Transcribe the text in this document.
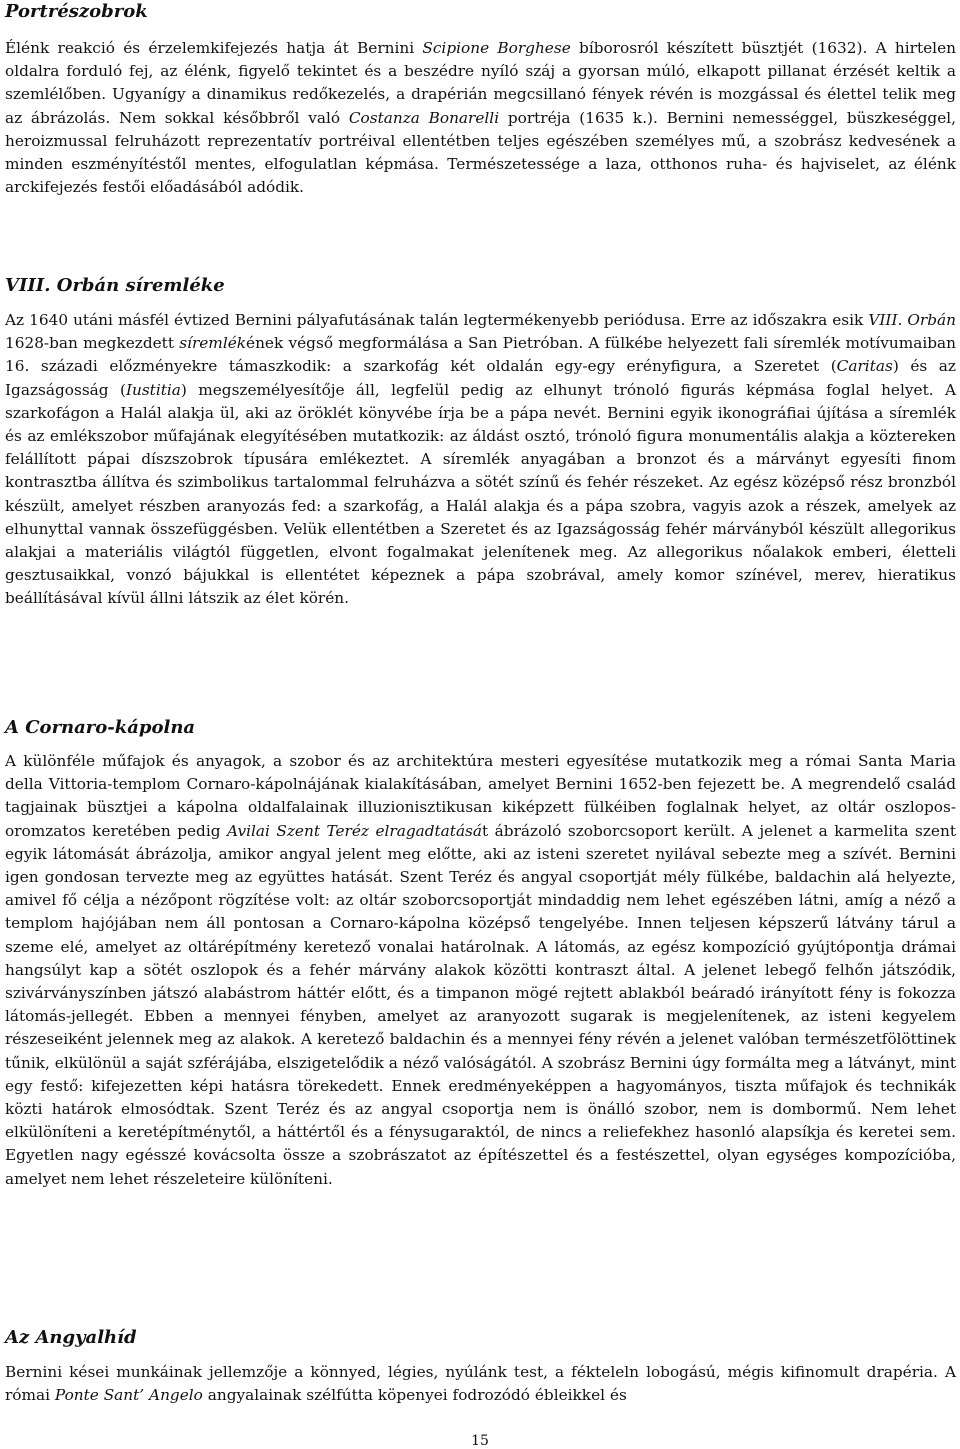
Portrészobrok

Élénk reakció és érzelemkifejezés hatja át Bernini Scipione Borghese bíborosról készített büsztjét (1632). A hirtelen oldalra forduló fej, az élénk, figyelő tekintet és a beszédre nyíló száj a gyorsan múló, elkapott pillanat érzését keltik a szemlélőben. Ugyanígy a dinamikus redőkezelés, a drapérián megcsillanó fények révén is mozgással és élettel telik meg az ábrázolás. Nem sokkal későbbről való Costanza Bonarelli portréja (1635 k.). Bernini nemességgel, büszkeséggel, heroizmussal felruházott reprezentatív portréival ellentétben teljes egészében személyes mű, a szobrász kedvesének a minden eszményítéstől mentes, elfogulatlan képmása. Természetessége a laza, otthonos ruha- és hajviselet, az élénk arckifejezés festői előadásából adódik.

VIII. Orbán síremléke

Az 1640 utáni másfél évtized Bernini pályafutásának talán legtermékenyebb periódusa. Erre az időszakra esik VIII. Orbán 1628-ban megkezdett síremlékének végső megformálása a San Pietróban. A fülkébe helyezett fali síremlék motívumaiban 16. századi előzményekre támaszkodik: a szarkofág két oldalán egy-egy erényfigura, a Szeretet (Caritas) és az Igazságosság (Iustitia) megszemélyesítője áll, legfelül pedig az elhunyt trónoló figurás képmása foglal helyet. A szarkofágon a Halál alakja ül, aki az öröklét könyvébe írja be a pápa nevét. Bernini egyik ikonográfiai újítása a síremlék és az emlékszobor műfajának elegyítésében mutatkozik: az áldást osztó, trónoló figura monumentális alakja a köztereken felállított pápai díszszobrok típusára emlékeztet. A síremlék anyagában a bronzot és a márványt egyesíti finom kontrasztba állítva és szimbolikus tartalommal felruházva a sötét színű és fehér részeket. Az egész középső rész bronzból készült, amelyet részben aranyozás fed: a szarkofág, a Halál alakja és a pápa szobra, vagyis azok a részek, amelyek az elhunyttal vannak összefüggésben. Velük ellentétben a Szeretet és az Igazságosság fehér márványból készült allegorikus alakjai a materiális világtól független, elvont fogalmakat jelenítenek meg. Az allegorikus nőalakok emberi, életteli gesztusaikkal, vonzó bájukkal is ellentétet képeznek a pápa szobrával, amely komor színével, merev, hieratikus beállításával kívül állni látszik az élet körén.

A Cornaro-kápolna

A különféle műfajok és anyagok, a szobor és az architektúra mesteri egyesítése mutatkozik meg a római Santa Maria della Vittoria-templom Cornaro-kápolnájának kialakításában, amelyet Bernini 1652-ben fejezett be. A megrendelő család tagjainak büsztjei a kápolna oldalfalainak illuzionisztikusan kiképzett fülkéiben foglalnak helyet, az oltár oszlopos-oromzatos keretében pedig Avilai Szent Teréz elragadtatását ábrázoló szoborcsoport került. A jelenet a karmelita szent egyik látomását ábrázolja, amikor angyal jelent meg előtte, aki az isteni szeretet nyilával sebezte meg a szívét. Bernini igen gondosan tervezte meg az együttes hatását. Szent Teréz és angyal csoportját mély fülkébe, baldachin alá helyezte, amivel fő célja a nézőpont rögzítése volt: az oltár szoborcsoportját mindaddig nem lehet egészében látni, amíg a néző a templom hajójában nem áll pontosan a Cornaro-kápolna középső tengelyébe. Innen teljesen képszerű látvány tárul a szeme elé, amelyet az oltárépítmény keretező vonalai határolnak. A látomás, az egész kompozíció gyújtópontja drámai hangsúlyt kap a sötét oszlopok és a fehér márvány alakok közötti kontraszt által. A jelenet lebegő felhőn játszódik, szivárványszínben játszó alabástrom háttér előtt, és a timpanon mögé rejtett ablakból beáradó irányított fény is fokozza látomás-jellegét. Ebben a mennyei fényben, amelyet az aranyozott sugarak is megjelenítenek, az isteni kegyelem részeseiként jelennek meg az alakok. A keretező baldachin és a mennyei fény révén a jelenet valóban természetfölöttinek tűnik, elkülönül a saját szférájába, elszigetelődik a néző valóságától. A szobrász Bernini úgy formálta meg a látványt, mint egy festő: kifejezetten képi hatásra törekedett. Ennek eredményeképpen a hagyományos, tiszta műfajok és technikák közti határok elmosódtak. Szent Teréz és az angyal csoportja nem is önálló szobor, nem is dombormű. Nem lehet elkülöníteni a keretépítménytől, a háttértől és a fénysugaraktól, de nincs a reliefekhez hasonló alapsíkja és keretei sem. Egyetlen nagy egésszé kovácsolta össze a szobrászatot az építészettel és a festészettel, olyan egységes kompozícióba, amelyet nem lehet részeleteire különíteni.

Az Angyalhíd

Bernini kései munkáinak jellemzője a könnyed, légies, nyúlánk test, a fékteleln lobogású, mégis kifinomult drapéria. A római Ponte Sant’ Angelo angyalainak szélfútta köpenyei fodrozódó ébleikkel és

15
